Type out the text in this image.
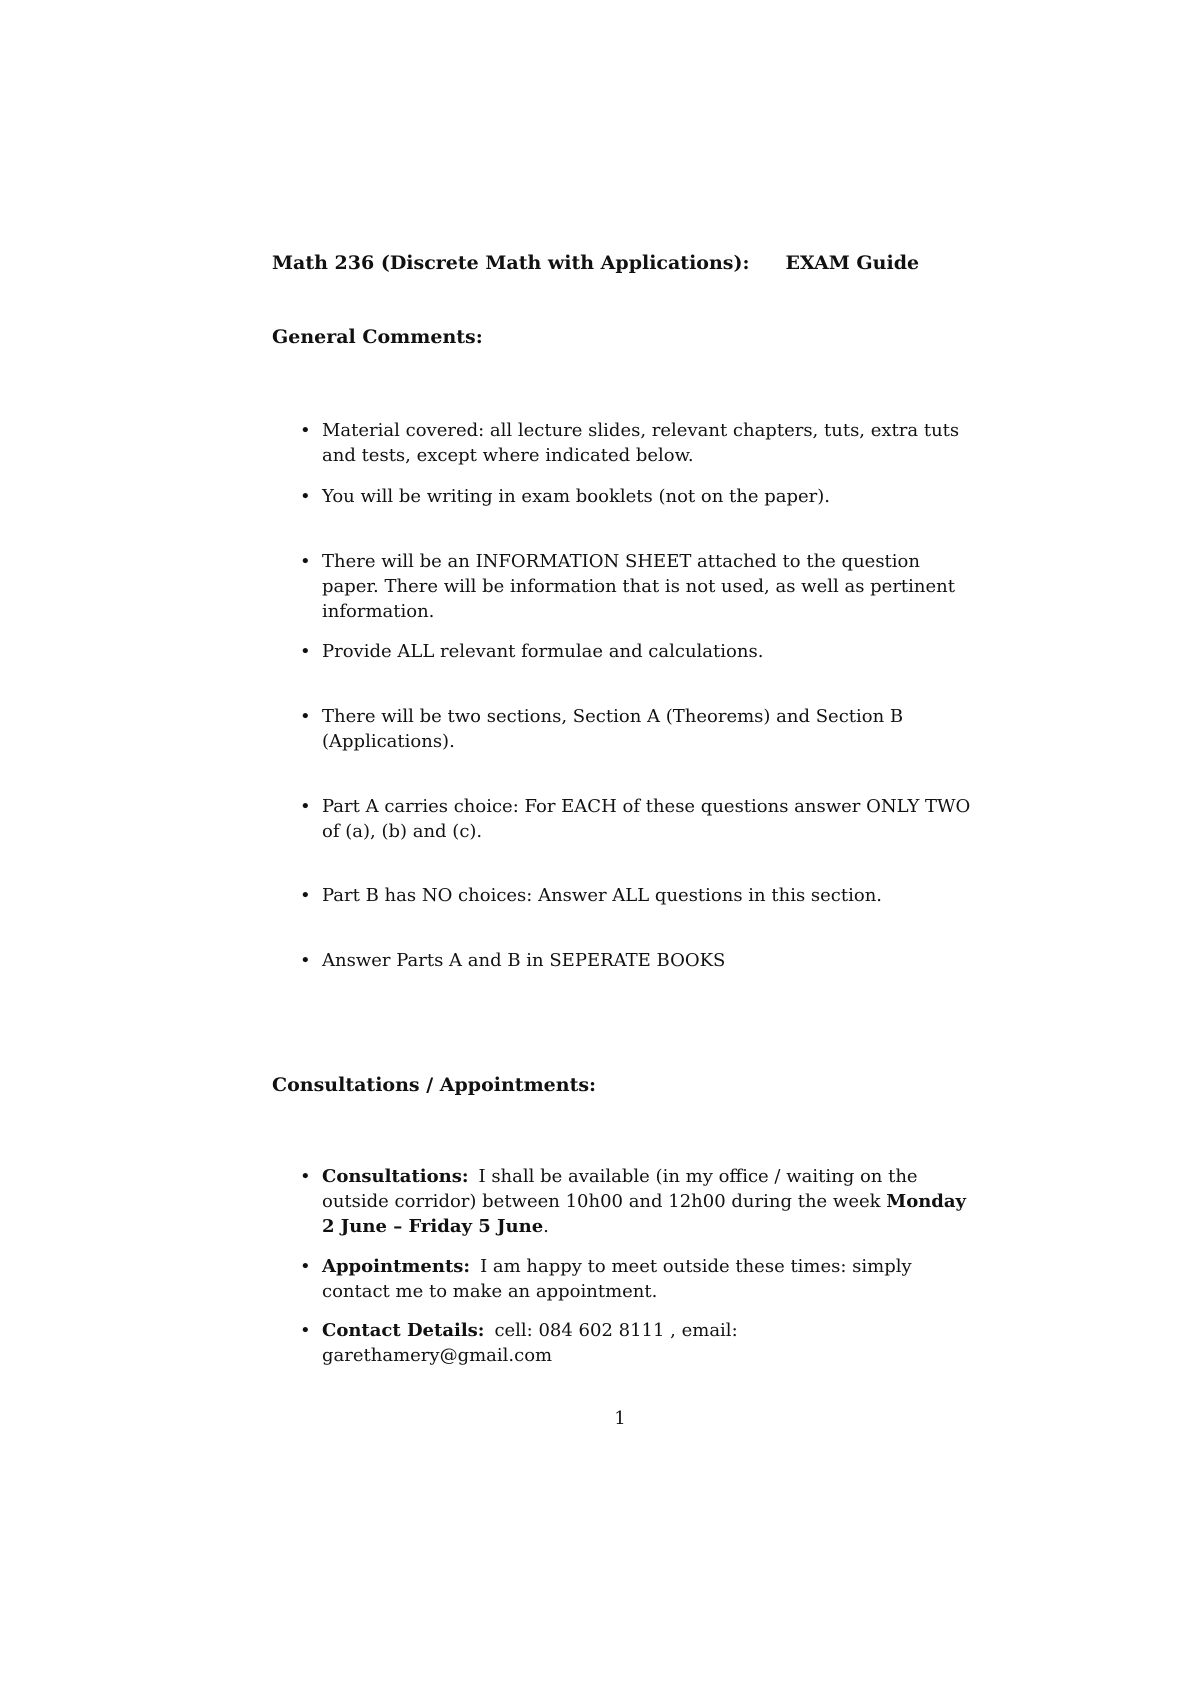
Math 236 (Discrete Math with Applications): EXAM Guide
General Comments:
• Material covered: all lecture slides, relevant chapters, tuts, extra tuts and tests, except where indicated below.
• You will be writing in exam booklets (not on the paper).
• There will be an INFORMATION SHEET attached to the question paper. There will be information that is not used, as well as pertinent information.
• Provide ALL relevant formulae and calculations.
• There will be two sections, Section A (Theorems) and Section B (Applications).
• Part A carries choice: For EACH of these questions answer ONLY TWO of (a), (b) and (c).
• Part B has NO choices: Answer ALL questions in this section.
• Answer Parts A and B in SEPERATE BOOKS
Consultations / Appointments:
• Consultations: I shall be available (in my office / waiting on the outside corridor) between 10h00 and 12h00 during the week Monday 2 June – Friday 5 June.
• Appointments: I am happy to meet outside these times: simply contact me to make an appointment.
• Contact Details: cell: 084 602 8111 , email: garethamery@gmail.com
1
